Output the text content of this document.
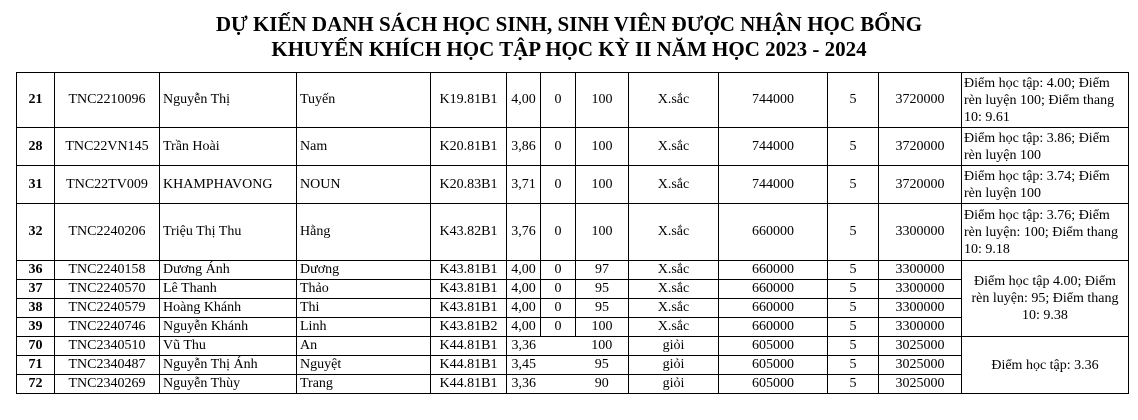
DỰ KIẾN DANH SÁCH HỌC SINH, SINH VIÊN ĐƯỢC NHẬN HỌC BỔNG
KHUYẾN KHÍCH HỌC TẬP HỌC KỲ II NĂM HỌC 2023 - 2024
21	TNC2210096	Nguyễn Thị	Tuyến	K19.81B1	4,00	0	100	X.sắc	744000	5	3720000	Điểm học tập: 4.00; Điểm rèn luyện 100; Điểm thang 10: 9.61
28	TNC22VN145	Trần Hoài	Nam	K20.81B1	3,86	0	100	X.sắc	744000	5	3720000	Điểm học tập: 3.86; Điểm rèn luyện 100
31	TNC22TV009	KHAMPHAVONG	NOUN	K20.83B1	3,71	0	100	X.sắc	744000	5	3720000	Điểm học tập: 3.74; Điểm rèn luyện 100
32	TNC2240206	Triệu Thị Thu	Hằng	K43.82B1	3,76	0	100	X.sắc	660000	5	3300000	Điểm học tập: 3.76; Điểm rèn luyện: 100; Điểm thang 10: 9.18
36	TNC2240158	Dương Ánh	Dương	K43.81B1	4,00	0	97	X.sắc	660000	5	3300000	Điểm học tập 4.00; Điểm rèn luyện: 95; Điểm thang 10: 9.38
37	TNC2240570	Lê Thanh	Thảo	K43.81B1	4,00	0	95	X.sắc	660000	5	3300000	
38	TNC2240579	Hoàng Khánh	Thi	K43.81B1	4,00	0	95	X.sắc	660000	5	3300000	
39	TNC2240746	Nguyễn Khánh	Linh	K43.81B2	4,00	0	100	X.sắc	660000	5	3300000	
70	TNC2340510	Vũ Thu	An	K44.81B1	3,36		100	giỏi	605000	5	3025000	Điểm học tập: 3.36
71	TNC2340487	Nguyễn Thị Ánh	Nguyệt	K44.81B1	3,45		95	giỏi	605000	5	3025000	
72	TNC2340269	Nguyễn Thùy	Trang	K44.81B1	3,36		90	giỏi	605000	5	3025000	
